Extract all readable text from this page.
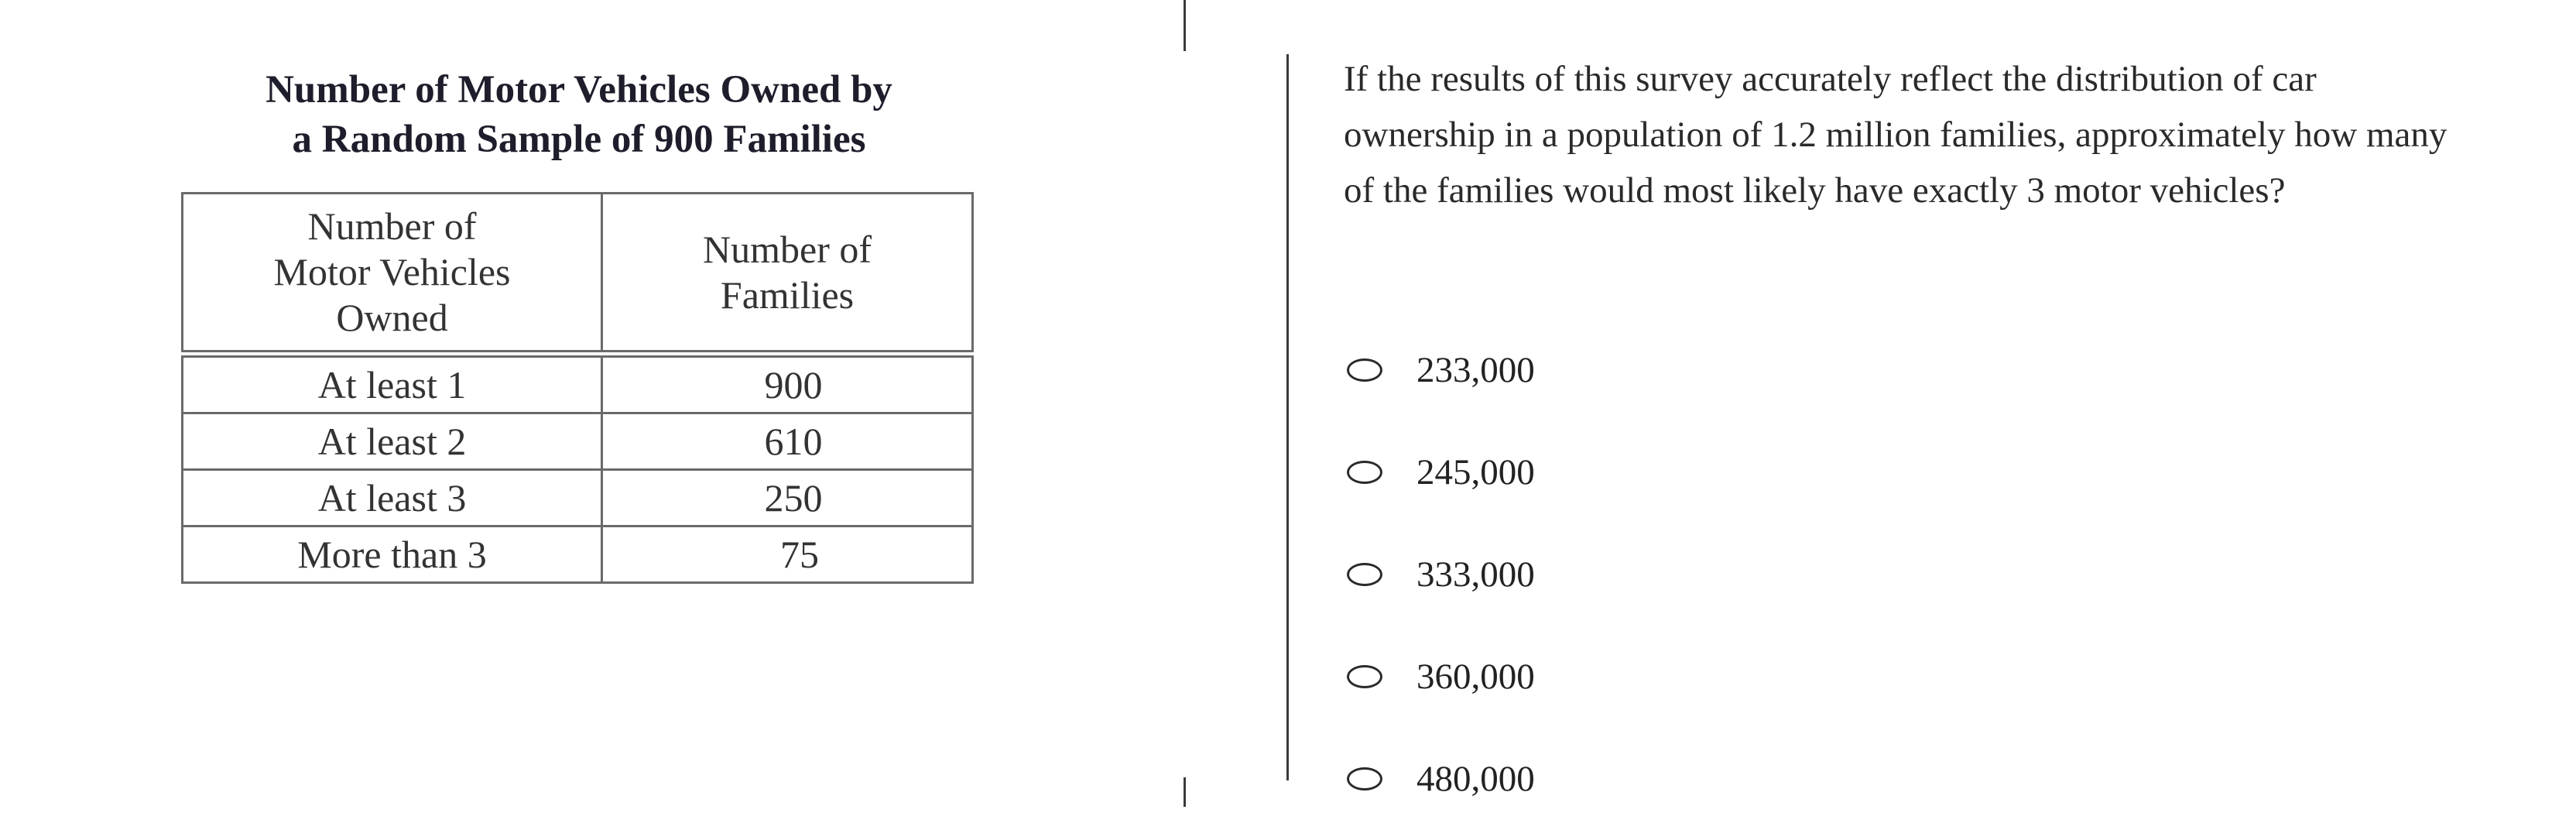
Number of Motor Vehicles Owned by
a Random Sample of 900 Families
Number of
Motor Vehicles
Owned	Number of
Families
At least 1	900
At least 2	610
At least 3	250
More than 3	75

If the results of this survey accurately reflect the distribution of car ownership in a population of 1.2 million families, approximately how many of the families would most likely have exactly 3 motor vehicles?

233,000
245,000
333,000
360,000
480,000
